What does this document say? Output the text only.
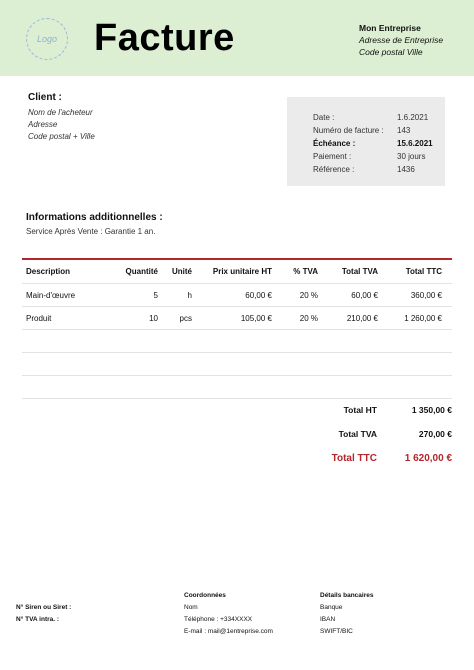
Logo Facture	Mon Entreprise
Adresse de Entreprise
Code postal Ville
Client :
Nom de l'acheteur
Adresse
Code postal + Ville
Date :	1.6.2021
Numéro de facture :	143
Échéance :	15.6.2021
Paiement :	30 jours
Référence :	1436
Informations additionnelles :
Service Après Vente : Garantie 1 an.
Description	Quantité	Unité	Prix unitaire HT	% TVA	Total TVA	Total TTC
Main-d'œuvre	5	h	60,00 €	20 %	60,00 €	360,00 €
Produit	10	pcs	105,00 €	20 %	210,00 €	1 260,00 €
Total HT	1 350,00 €
Total TVA	270,00 €
Total TTC	1 620,00 €
N° Siren ou Siret :
N° TVA intra. :
Coordonnées
Nom
Téléphone : +334XXXX
E-mail : mail@1entreprise.com
Détails bancaires
Banque
IBAN
SWIFT/BIC
